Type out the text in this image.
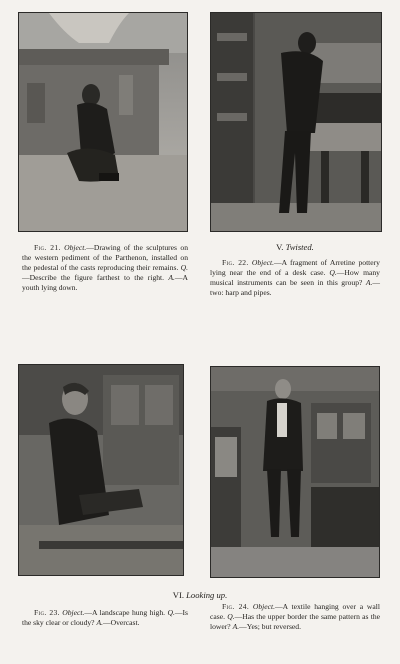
Fig. 21. Object.—Drawing of the sculptures on the western pediment of the Parthenon, installed on the pedestal of the casts reproducing their remains. Q.—Describe the figure farthest to the right. A.—A youth lying down.

V. Twisted.

Fig. 22. Object.—A fragment of Arretine pottery lying near the end of a desk case. Q.—How many musical instruments can be seen in this group? A.—two: harp and pipes.

VI. Looking up.

Fig. 23. Object.—A landscape hung high. Q.—Is the sky clear or cloudy? A.—Overcast.

Fig. 24. Object.—A textile hanging over a wall case. Q.—Has the upper border the same pattern as the lower? A.—Yes; but reversed.
